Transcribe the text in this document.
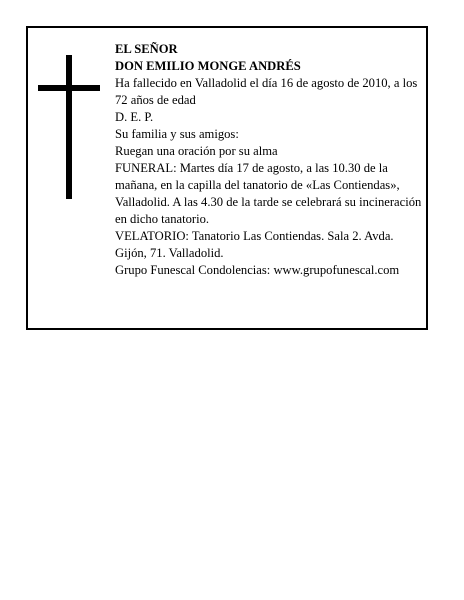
EL SEÑOR

DON EMILIO MONGE ANDRÉS

Ha fallecido en Valladolid el día 16 de agosto de 2010, a los 72 años de edad

D. E. P.

Su familia y sus amigos:

Ruegan una oración por su alma

FUNERAL: Martes día 17 de agosto, a las 10.30 de la mañana, en la capilla del tanatorio de «Las Contiendas», Valladolid. A las 4.30 de la tarde se celebrará su incineración en dicho tanatorio.

VELATORIO: Tanatorio Las Contiendas. Sala 2. Avda. Gijón, 71. Valladolid.

Grupo Funescal Condolencias: www.grupofunescal.com
